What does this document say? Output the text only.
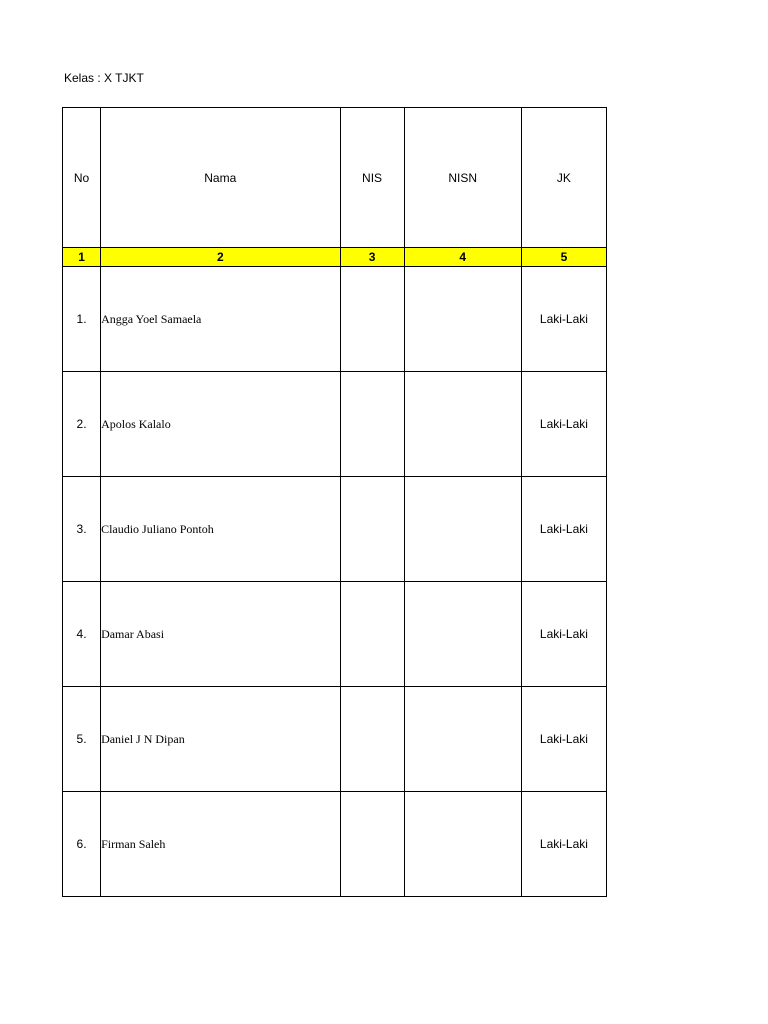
Kelas : X TJKT
No	Nama	NIS	NISN	JK
1	2	3	4	5
1.	Angga Yoel Samaela			Laki-Laki
2.	Apolos Kalalo			Laki-Laki
3.	Claudio Juliano Pontoh			Laki-Laki
4.	Damar Abasi			Laki-Laki
5.	Daniel J N Dipan			Laki-Laki
6.	Firman Saleh			Laki-Laki
